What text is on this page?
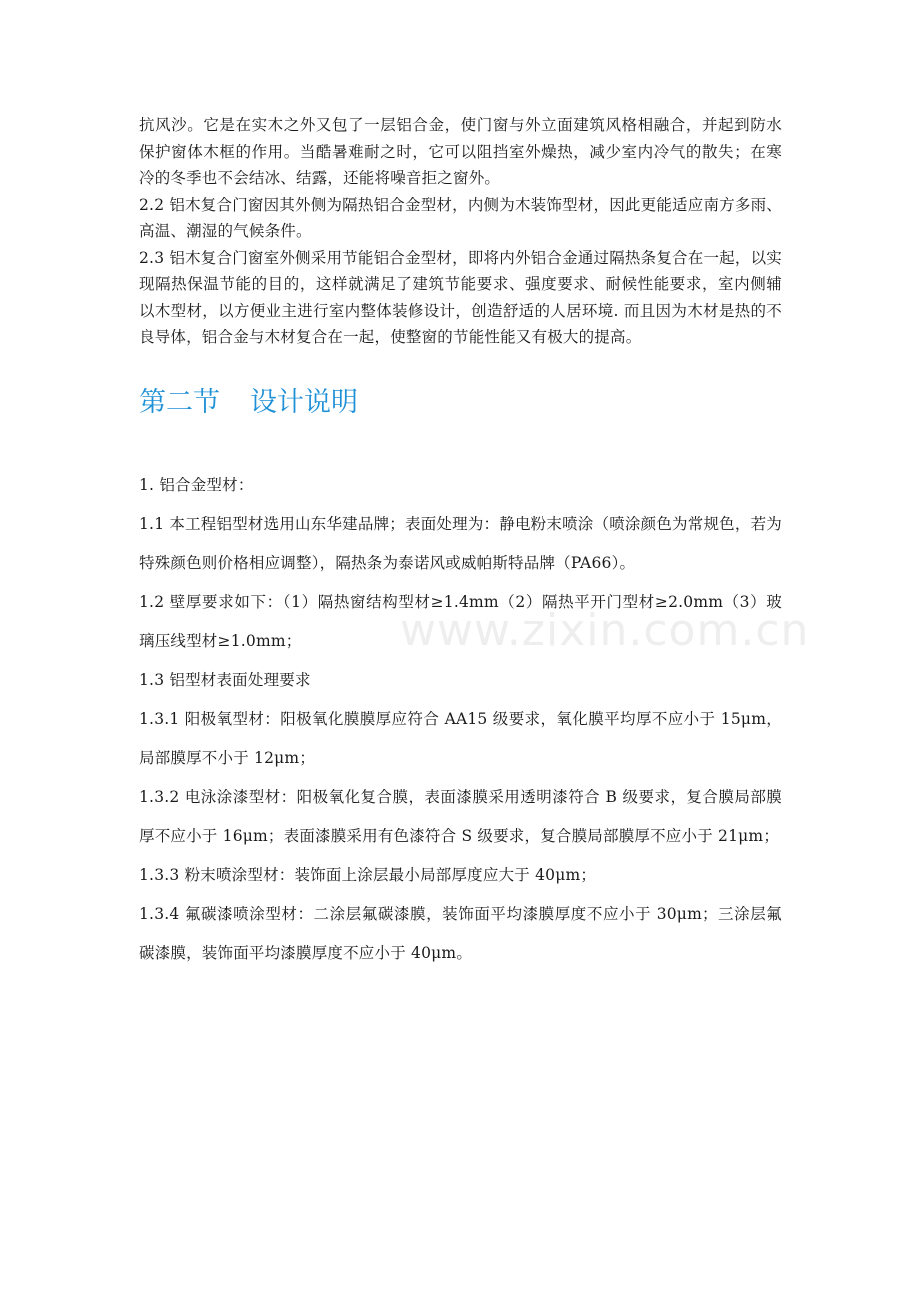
抗风沙。它是在实木之外又包了一层铝合金，使门窗与外立面建筑风格相融合，并起到防水保护窗体木框的作用。当酷暑难耐之时，它可以阻挡室外燥热，减少室内冷气的散失；在寒冷的冬季也不会结冰、结露，还能将噪音拒之窗外。

2.2 铝木复合门窗因其外侧为隔热铝合金型材，内侧为木装饰型材，因此更能适应南方多雨、高温、潮湿的气候条件。

2.3 铝木复合门窗室外侧采用节能铝合金型材，即将内外铝合金通过隔热条复合在一起，以实现隔热保温节能的目的，这样就满足了建筑节能要求、强度要求、耐候性能要求，室内侧辅以木型材，以方便业主进行室内整体装修设计，创造舒适的人居环境. 而且因为木材是热的不良导体，铝合金与木材复合在一起，使整窗的节能性能又有极大的提高。

第二节 设计说明

1. 铝合金型材：

1.1 本工程铝型材选用山东华建品牌；表面处理为：静电粉末喷涂（喷涂颜色为常规色，若为特殊颜色则价格相应调整），隔热条为泰诺风或威帕斯特品牌（PA66）。

1.2 壁厚要求如下：（1）隔热窗结构型材≥1.4mm（2）隔热平开门型材≥2.0mm（3）玻璃压线型材≥1.0mm；

1.3 铝型材表面处理要求

1.3.1 阳极氧型材：阳极氧化膜膜厚应符合 AA15 级要求，氧化膜平均厚不应小于 15μm，局部膜厚不小于 12μm；

1.3.2 电泳涂漆型材：阳极氧化复合膜，表面漆膜采用透明漆符合 B 级要求，复合膜局部膜厚不应小于 16μm；表面漆膜采用有色漆符合 S 级要求，复合膜局部膜厚不应小于 21μm；

1.3.3 粉末喷涂型材：装饰面上涂层最小局部厚度应大于 40μm；

1.3.4 氟碳漆喷涂型材：二涂层氟碳漆膜，装饰面平均漆膜厚度不应小于 30μm；三涂层氟碳漆膜，装饰面平均漆膜厚度不应小于 40μm。

www.zixin.com.cn
